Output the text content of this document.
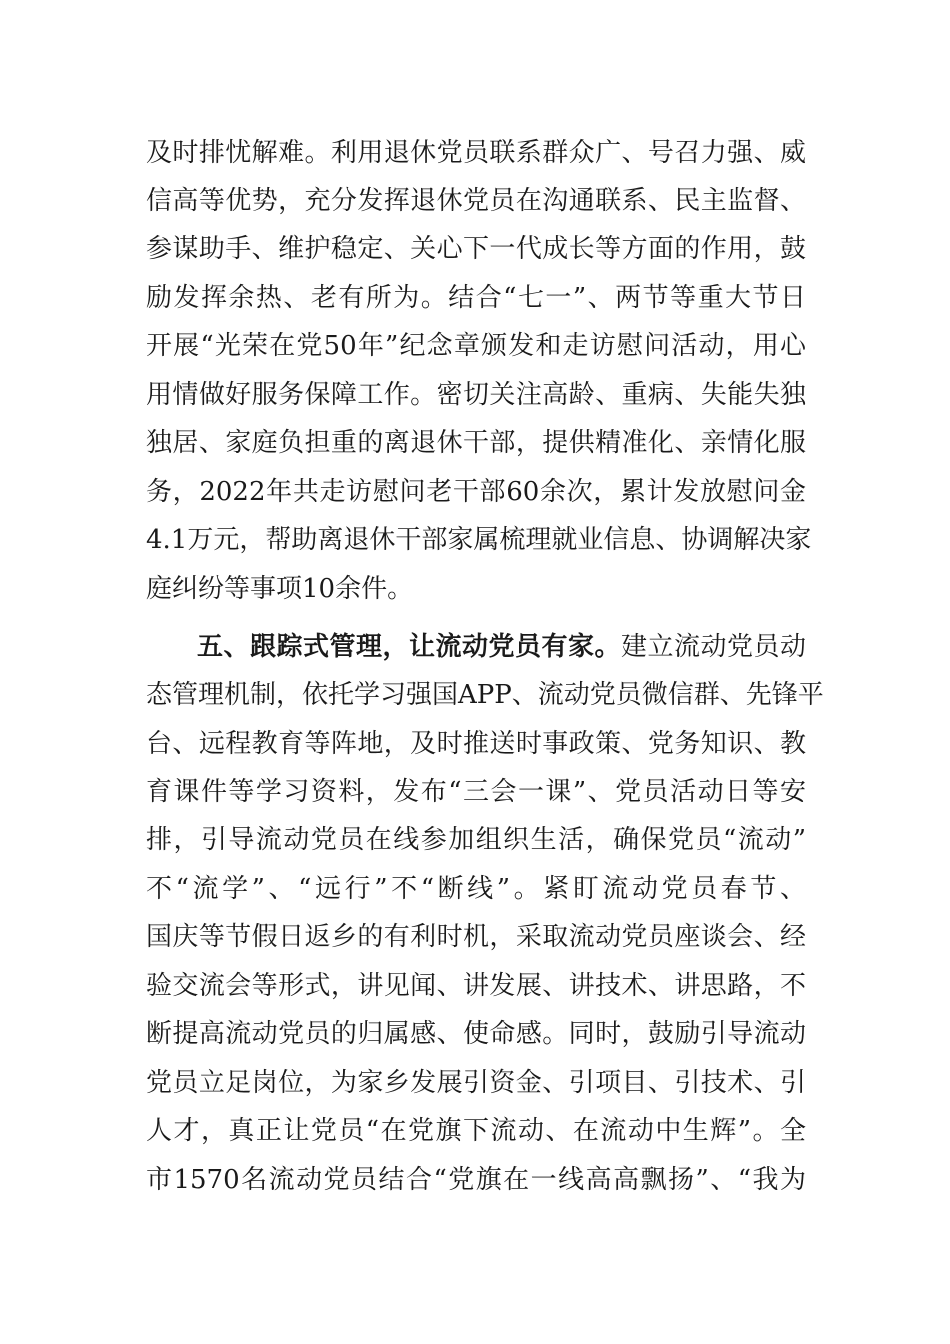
及时排忧解难。利用退休党员联系群众广、号召力强、威
信高等优势，充分发挥退休党员在沟通联系、民主监督、
参谋助手、维护稳定、关心下一代成长等方面的作用，鼓
励发挥余热、老有所为。结合“七一”、两节等重大节日
开展“光荣在党50年”纪念章颁发和走访慰问活动，用心
用情做好服务保障工作。密切关注高龄、重病、失能失独
独居、家庭负担重的离退休干部，提供精准化、亲情化服
务，2022年共走访慰问老干部60余次，累计发放慰问金
4.1万元，帮助离退休干部家属梳理就业信息、协调解决家
庭纠纷等事项10余件。
五、跟踪式管理，让流动党员有家。建立流动党员动
态管理机制，依托学习强国APP、流动党员微信群、先锋平
台、远程教育等阵地，及时推送时事政策、党务知识、教
育课件等学习资料，发布“三会一课”、党员活动日等安
排，引导流动党员在线参加组织生活，确保党员“流动”
不“流学”、“远行”不“断线”。紧盯流动党员春节、
国庆等节假日返乡的有利时机，采取流动党员座谈会、经
验交流会等形式，讲见闻、讲发展、讲技术、讲思路，不
断提高流动党员的归属感、使命感。同时，鼓励引导流动
党员立足岗位，为家乡发展引资金、引项目、引技术、引
人才，真正让党员“在党旗下流动、在流动中生辉”。全
市1570名流动党员结合“党旗在一线高高飘扬”、“我为
